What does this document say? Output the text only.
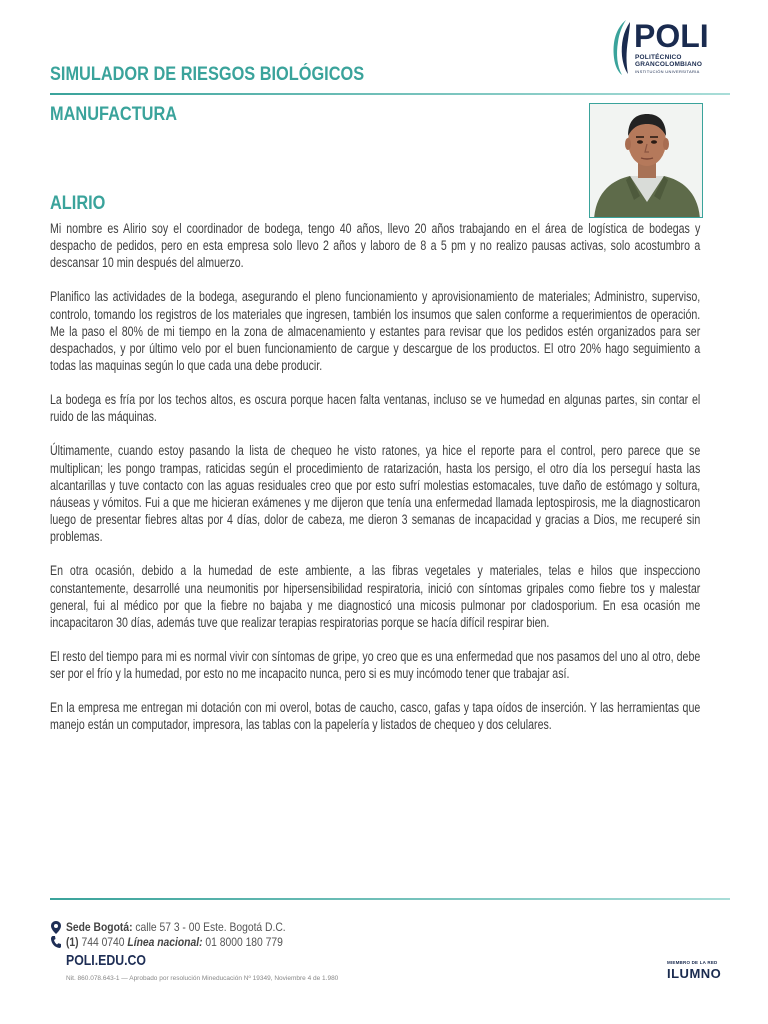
POLI
POLITÉCNICO
GRANCOLOMBIANO
INSTITUCIÓN UNIVERSITARIA
SIMULADOR DE RIESGOS BIOLÓGICOS
MANUFACTURA
ALIRIO

Mi nombre es Alirio soy el coordinador de bodega, tengo 40 años, llevo 20 años trabajando en el área de logística de bodegas y despacho de pedidos, pero en esta empresa solo llevo 2 años y laboro de 8 a 5 pm y no realizo pausas activas, solo acostumbro a descansar 10 min después del almuerzo.

Planifico las actividades de la bodega, asegurando el pleno funcionamiento y aprovisionamiento de materiales; Administro, superviso, controlo, tomando los registros de los materiales que ingresen, también los insumos que salen conforme a requerimientos de operación. Me la paso el 80% de mi tiempo en la zona de almacenamiento y estantes para revisar que los pedidos estén organizados para ser despachados, y por último velo por el buen funcionamiento de cargue y descargue de los productos. El otro 20% hago seguimiento a todas las maquinas según lo que cada una debe producir.

La bodega es fría por los techos altos, es oscura porque hacen falta ventanas, incluso se ve humedad en algunas partes, sin contar el ruido de las máquinas.

Últimamente, cuando estoy pasando la lista de chequeo he visto ratones, ya hice el reporte para el control, pero parece que se multiplican; les pongo trampas, raticidas según el procedimiento de ratarización, hasta los persigo, el otro día los perseguí hasta las alcantarillas y tuve contacto con las aguas residuales creo que por esto sufrí molestias estomacales, tuve daño de estómago y soltura, náuseas y vómitos. Fui a que me hicieran exámenes y me dijeron que tenía una enfermedad llamada leptospirosis, me la diagnosticaron luego de presentar fiebres altas por 4 días, dolor de cabeza, me dieron 3 semanas de incapacidad y gracias a Dios, me recuperé sin problemas.

En otra ocasión, debido a la humedad de este ambiente, a las fibras vegetales y materiales, telas e hilos que inspecciono constantemente, desarrollé una neumonitis por hipersensibilidad respiratoria, inició con síntomas gripales como fiebre tos y malestar general, fui al médico por que la fiebre no bajaba y me diagnosticó una micosis pulmonar por cladosporium. En esa ocasión me incapacitaron 30 días, además tuve que realizar terapias respiratorias porque se hacía difícil respirar bien.

El resto del tiempo para mi es normal vivir con síntomas de gripe, yo creo que es una enfermedad que nos pasamos del uno al otro, debe ser por el frío y la humedad, por esto no me incapacito nunca, pero si es muy incómodo tener que trabajar así.

En la empresa me entregan mi dotación con mi overol, botas de caucho, casco, gafas y tapa oídos de inserción. Y las herramientas que manejo están un computador, impresora, las tablas con la papelería y listados de chequeo y dos celulares.

Sede Bogotá: calle 57 3 - 00 Este. Bogotá D.C.
(1) 744 0740 Línea nacional: 01 8000 180 779
POLI.EDU.CO
Nit. 860.078.643-1 — Aprobado por resolución Mineducación Nº 19349, Noviembre 4 de 1.980
MIEMBRO DE LA RED
ILUMNO
